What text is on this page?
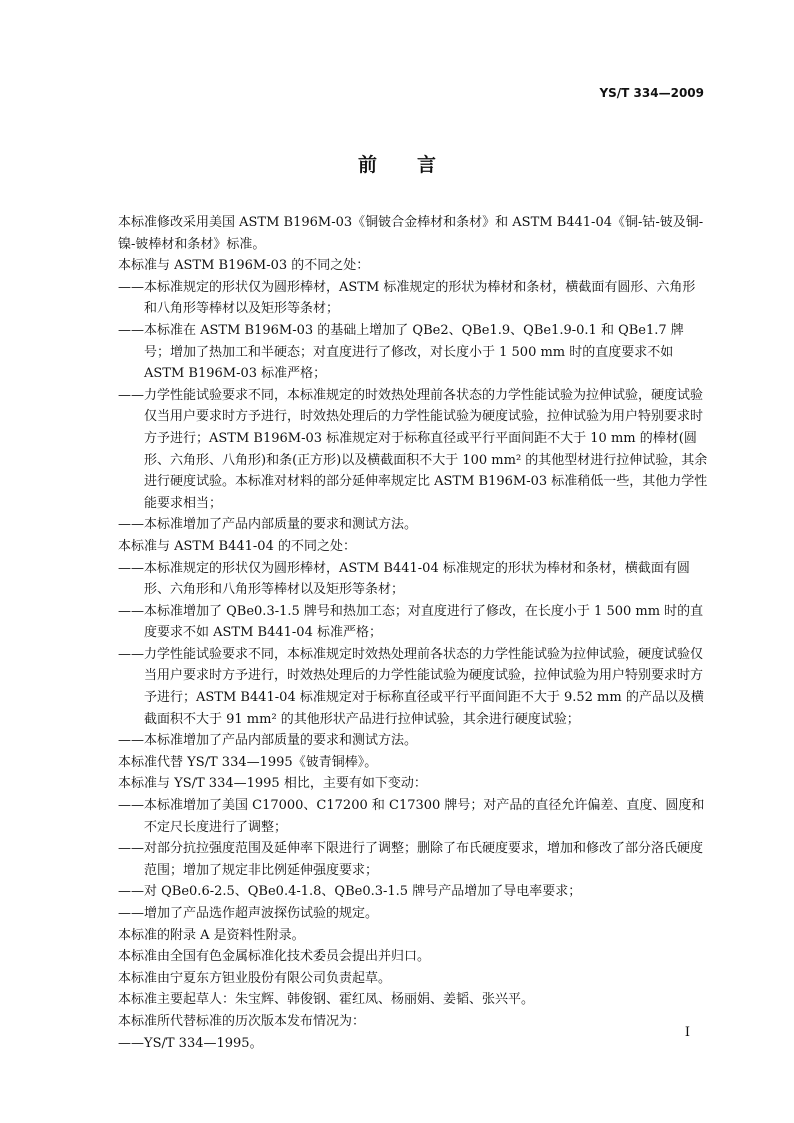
YS/T 334—2009
前言

本标准修改采用美国 ASTM B196M-03《铜铍合金棒材和条材》和 ASTM B441-04《铜-钴-铍及铜-镍-铍棒材和条材》标准。

本标准与 ASTM B196M-03 的不同之处：

——本标准规定的形状仅为圆形棒材，ASTM 标准规定的形状为棒材和条材，横截面有圆形、六角形和八角形等棒材以及矩形等条材；

——本标准在 ASTM B196M-03 的基础上增加了 QBe2、QBe1.9、QBe1.9-0.1 和 QBe1.7 牌号；增加了热加工和半硬态；对直度进行了修改，对长度小于 1 500 mm 时的直度要求不如 ASTM B196M-03 标准严格；

——力学性能试验要求不同，本标准规定的时效热处理前各状态的力学性能试验为拉伸试验，硬度试验仅当用户要求时方予进行，时效热处理后的力学性能试验为硬度试验，拉伸试验为用户特别要求时方予进行；ASTM B196M-03 标准规定对于标称直径或平行平面间距不大于 10 mm 的棒材(圆形、六角形、八角形)和条(正方形)以及横截面积不大于 100 mm² 的其他型材进行拉伸试验，其余进行硬度试验。本标准对材料的部分延伸率规定比 ASTM B196M-03 标准稍低一些，其他力学性能要求相当；

——本标准增加了产品内部质量的要求和测试方法。

本标准与 ASTM B441-04 的不同之处：

——本标准规定的形状仅为圆形棒材，ASTM B441-04 标准规定的形状为棒材和条材，横截面有圆形、六角形和八角形等棒材以及矩形等条材；

——本标准增加了 QBe0.3-1.5 牌号和热加工态；对直度进行了修改，在长度小于 1 500 mm 时的直度要求不如 ASTM B441-04 标准严格；

——力学性能试验要求不同，本标准规定时效热处理前各状态的力学性能试验为拉伸试验，硬度试验仅当用户要求时方予进行，时效热处理后的力学性能试验为硬度试验，拉伸试验为用户特别要求时方予进行；ASTM B441-04 标准规定对于标称直径或平行平面间距不大于 9.52 mm 的产品以及横截面积不大于 91 mm² 的其他形状产品进行拉伸试验，其余进行硬度试验；

——本标准增加了产品内部质量的要求和测试方法。

本标准代替 YS/T 334—1995《铍青铜棒》。

本标准与 YS/T 334—1995 相比，主要有如下变动：

——本标准增加了美国 C17000、C17200 和 C17300 牌号；对产品的直径允许偏差、直度、圆度和不定尺长度进行了调整；

——对部分抗拉强度范围及延伸率下限进行了调整；删除了布氏硬度要求，增加和修改了部分洛氏硬度范围；增加了规定非比例延伸强度要求；

——对 QBe0.6-2.5、QBe0.4-1.8、QBe0.3-1.5 牌号产品增加了导电率要求；

——增加了产品选作超声波探伤试验的规定。

本标准的附录 A 是资料性附录。

本标准由全国有色金属标准化技术委员会提出并归口。

本标准由宁夏东方钽业股份有限公司负责起草。

本标准主要起草人：朱宝辉、韩俊钢、霍红凤、杨丽娟、姜韬、张兴平。

本标准所代替标准的历次版本发布情况为：

——YS/T 334—1995。

I
